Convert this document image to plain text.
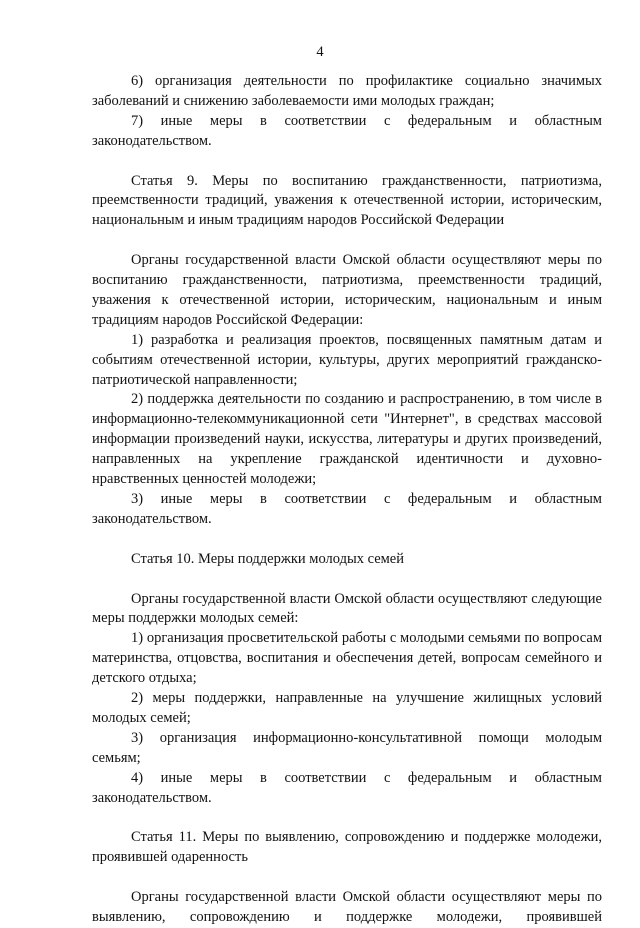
4

6) организация деятельности по профилактике социально значимых заболеваний и снижению заболеваемости ими молодых граждан;

7) иные меры в соответствии с федеральным и областным законодательством.

Статья 9. Меры по воспитанию гражданственности, патриотизма, преемственности традиций, уважения к отечественной истории, историческим, национальным и иным традициям народов Российской Федерации

Органы государственной власти Омской области осуществляют меры по воспитанию гражданственности, патриотизма, преемственности традиций, уважения к отечественной истории, историческим, национальным и иным традициям народов Российской Федерации:

1) разработка и реализация проектов, посвященных памятным датам и событиям отечественной истории, культуры, других мероприятий гражданско-патриотической направленности;

2) поддержка деятельности по созданию и распространению, в том числе в информационно-телекоммуникационной сети "Интернет", в средствах массовой информации произведений науки, искусства, литературы и других произведений, направленных на укрепление гражданской идентичности и духовно-нравственных ценностей молодежи;

3) иные меры в соответствии с федеральным и областным законодательством.

Статья 10. Меры поддержки молодых семей

Органы государственной власти Омской области осуществляют следующие меры поддержки молодых семей:

1) организация просветительской работы с молодыми семьями по вопросам материнства, отцовства, воспитания и обеспечения детей, вопросам семейного и детского отдыха;

2) меры поддержки, направленные на улучшение жилищных условий молодых семей;

3) организация информационно-консультативной помощи молодым семьям;

4) иные меры в соответствии с федеральным и областным законодательством.

Статья 11. Меры по выявлению, сопровождению и поддержке молодежи, проявившей одаренность

Органы государственной власти Омской области осуществляют меры по выявлению, сопровождению и поддержке молодежи, проявившей
